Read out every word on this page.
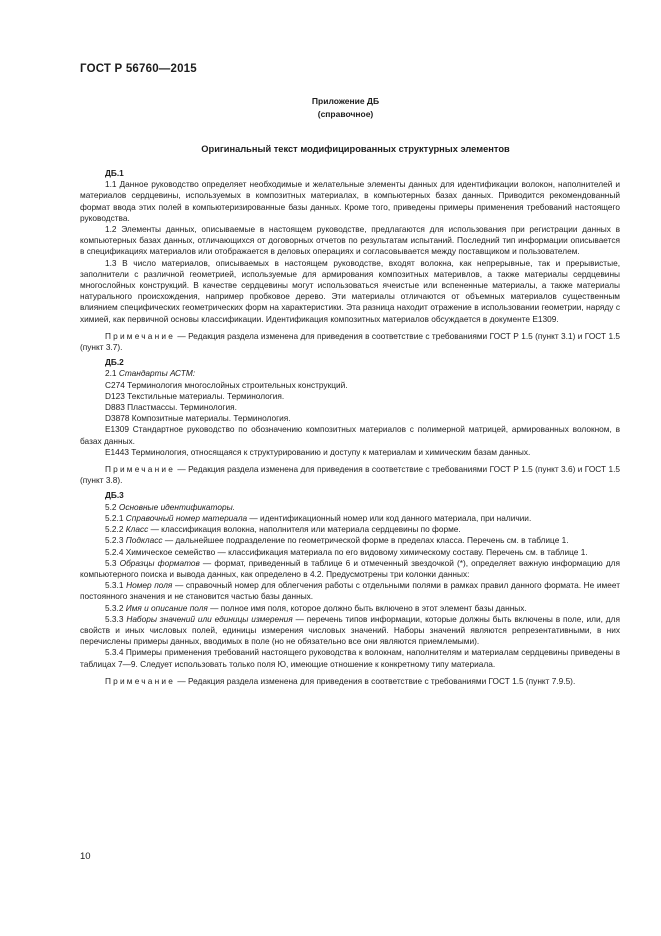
ГОСТ Р 56760—2015
Приложение ДБ
(справочное)
Оригинальный текст модифицированных структурных элементов

ДБ.1

1.1 Данное руководство определяет необходимые и желательные элементы данных для идентификации волокон, наполнителей и материалов сердцевины, используемых в композитных материалах, в компьютерных базах данных. Приводится рекомендованный формат ввода этих полей в компьютеризированные базы данных. Кроме того, приведены примеры применения требований настоящего руководства.

1.2 Элементы данных, описываемые в настоящем руководстве, предлагаются для использования при регистрации данных в компьютерных базах данных, отличающихся от договорных отчетов по результатам испытаний. Последний тип информации описывается в спецификациях материалов или отображается в деловых операциях и согласовывается между поставщиком и пользователем.

1.3 В число материалов, описываемых в настоящем руководстве, входят волокна, как непрерывные, так и прерывистые, заполнители с различной геометрией, используемые для армирования композитных материвлов, а также материалы сердцевины многослойных конструкций. В качестве сердцевины могут использоваться ячеистые или вспененные материалы, а также материалы натурального происхождения, например пробковое дерево. Эти материалы отличаются от объемных материалов существенным влиянием специфических геометрических форм на характеристики. Эта разница находит отражение в использовании геометрии, наряду с химией, как первичной основы классификации. Идентификация композитных материалов обсуждается в документе Е1309.

Примечание — Редакция раздела изменена для приведения в соответствие с требованиями ГОСТ Р 1.5 (пункт 3.1) и ГОСТ 1.5 (пункт 3.7).

ДБ.2

2.1 Стандарты АСТМ:

C274 Терминология многослойных строительных конструкций.

D123 Текстильные материалы. Терминология.

D883 Пластмассы. Терминология.

D3878 Композитные материалы. Терминология.

E1309 Стандартное руководство по обозначению композитных материалов с полимерной матрицей, армированных волокном, в базах данных.

E1443 Терминология, относящаяся к структурированию и доступу к материалам и химическим базам данных.

Примечание — Редакция раздела изменена для приведения в соответствие с требованиями ГОСТ Р 1.5 (пункт 3.6) и ГОСТ 1.5 (пункт 3.8).

ДБ.3

5.2 Основные идентификаторы.

5.2.1 Справочный номер материала — идентификационный номер или код данного материала, при наличии.

5.2.2 Класс — классификация волокна, наполнителя или материала сердцевины по форме.

5.2.3 Подкласс — дальнейшее подразделение по геометрической форме в пределах класса. Перечень см. в таблице 1.

5.2.4 Химическое семейство — классификация материала по его видовому химическому составу. Перечень см. в таблице 1.

5.3 Образцы форматов — формат, приведенный в таблице 6 и отмеченный звездочкой (*), определяет важную информацию для компьютерного поиска и вывода данных, как определено в 4.2. Предусмотрены три колонки данных:

5.3.1 Номер поля — справочный номер для облегчения работы с отдельными полями в рамках правил данного формата. Не имеет постоянного значения и не становится частью базы данных.

5.3.2 Имя и описание поля — полное имя поля, которое должно быть включено в этот элемент базы данных.

5.3.3 Наборы значений или единицы измерения — перечень типов информации, которые должны быть включены в поле, или, для свойств и иных числовых полей, единицы измерения числовых значений. Наборы значений являются репрезентативными, в них перечислены примеры данных, вводимых в поле (но не обязательно все они являются приемлемыми).

5.3.4 Примеры применения требований настоящего руководства к волокнам, наполнителям и материалам сердцевины приведены в таблицах 7—9. Следует использовать только поля Ю, имеющие отношение к конкретному типу материала.

Примечание — Редакция раздела изменена для приведения в соответствие с требованиями ГОСТ 1.5 (пункт 7.9.5).

10
